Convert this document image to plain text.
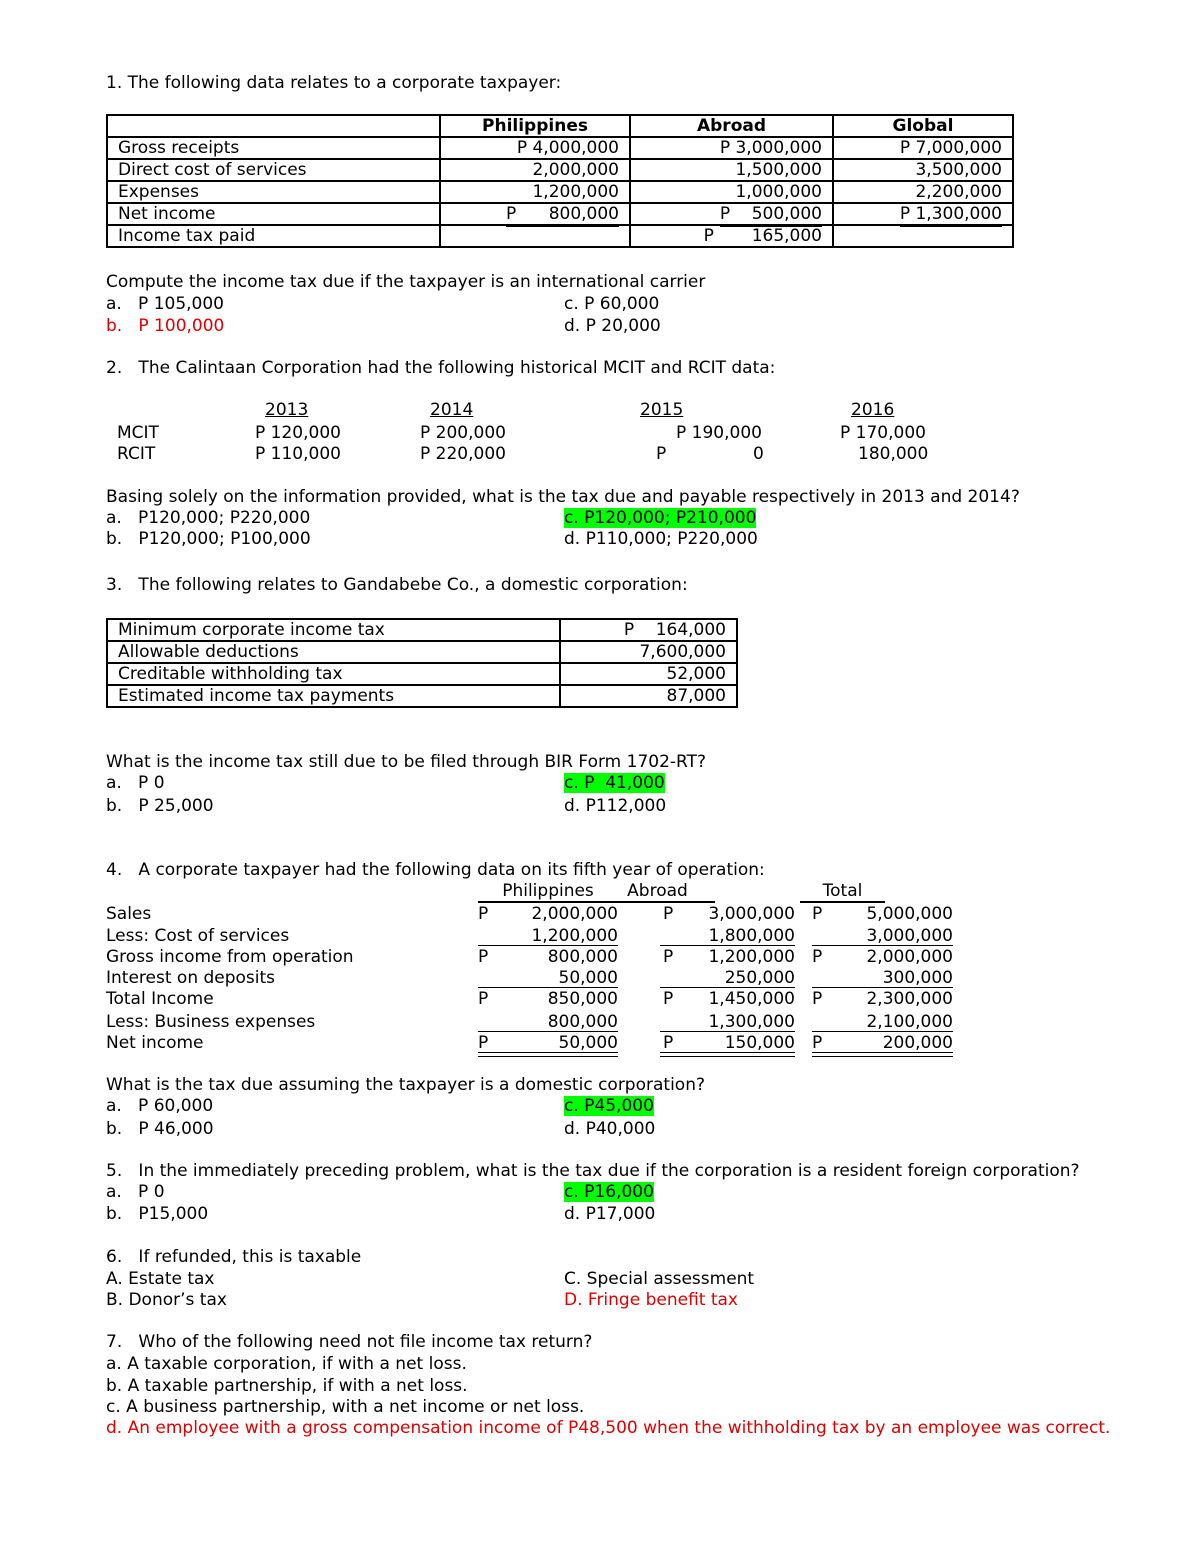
1. The following data relates to a corporate taxpayer:
	Philippines	Abroad	Global
Gross receipts	P 4,000,000	P 3,000,000	P 7,000,000
Direct cost of services	2,000,000	1,500,000	3,500,000
Expenses	1,200,000	1,000,000	2,200,000
Net income	P      800,000	P    500,000	P 1,300,000
Income tax paid		P       165,000	
Compute the income tax due if the taxpayer is an international carrier
a.   P 105,000
b.   P 100,000
c. P 60,000
d. P 20,000
2.   The Calintaan Corporation had the following historical MCIT and RCIT data:
2013	2014	2015	2016
MCIT	P 120,000	P 200,000	P 190,000	P 170,000
RCIT	P 110,000	P 220,000	P	0	180,000
Basing solely on the information provided, what is the tax due and payable respectively in 2013 and 2014?
a.   P120,000; P220,000
b.   P120,000; P100,000
c. P120,000; P210,000
d. P110,000; P220,000
3.   The following relates to Gandabebe Co., a domestic corporation:
Minimum corporate income tax	P    164,000
Allowable deductions	7,600,000
Creditable withholding tax	52,000
Estimated income tax payments	87,000
What is the income tax still due to be filed through BIR Form 1702-RT?
a.   P 0
b.   P 25,000
c. P  41,000
d. P112,000
4.   A corporate taxpayer had the following data on its fifth year of operation:
Philippines	Abroad	Total
Sales	P	2,000,000	P	3,000,000 P	5,000,000
Less: Cost of services	1,200,000	1,800,000	3,000,000
Gross income from operation	P	800,000	P	1,200,000 P	2,000,000
Interest on deposits	50,000	250,000	300,000
Total Income	P	850,000	P	1,450,000 P	2,300,000
Less: Business expenses	800,000	1,300,000	2,100,000
Net income	P	50,000	P	150,000 P	200,000
What is the tax due assuming the taxpayer is a domestic corporation?
a.   P 60,000
b.   P 46,000
c. P45,000
d. P40,000
5.   In the immediately preceding problem, what is the tax due if the corporation is a resident foreign corporation?
a.   P 0
b.   P15,000
c. P16,000
d. P17,000
6.   If refunded, this is taxable
A. Estate tax
B. Donor’s tax
C. Special assessment
D. Fringe benefit tax
7.   Who of the following need not file income tax return?
a. A taxable corporation, if with a net loss.
b. A taxable partnership, if with a net loss.
c. A business partnership, with a net income or net loss.
d. An employee with a gross compensation income of P48,500 when the withholding tax by an employee was correct.
